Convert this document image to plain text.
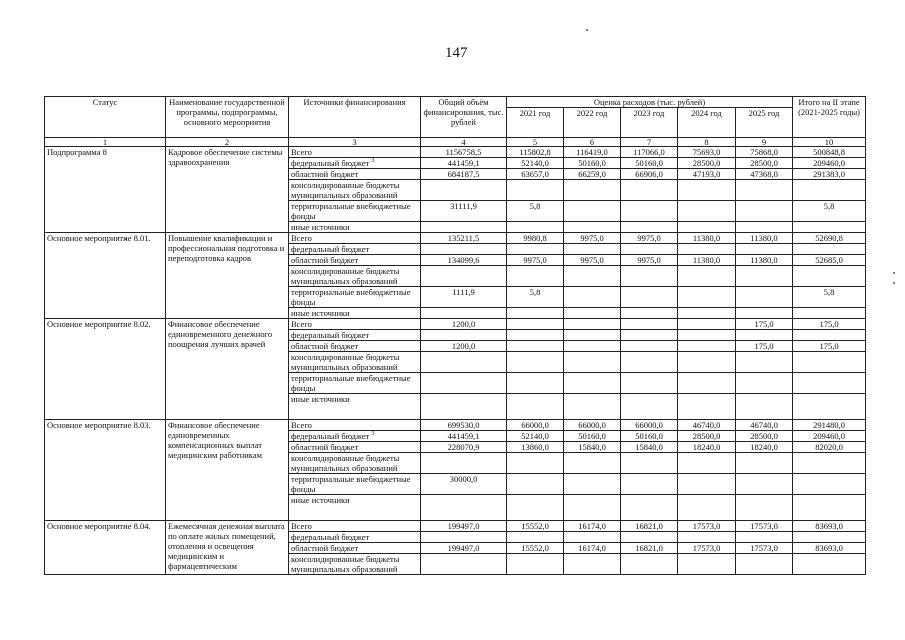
147
Статус	Наименование государственной программы, подпрограммы, основного мероприятия	Источники финансирования	Общий объём финансирования, тыс. рублей	Оценка расходов (тыс. рублей)					Итого на II этапе (2021-2025 годы)
				2021 год	2022 год	2023 год	2024 год	2025 год	
1	2	3	4	5	6	7	8	9	10
Подпрограмма 8	Кадровое обеспечение системы здравоохранения	Всего	1156758,5	115802,8	116419,0	117066,0	75693,0	75868,0	500848,8
		федеральный бюджет $^3$	441459,1	52140,0	50160,0	50160,0	28500,0	28500,0	209460,0
		областной бюджет	684187,5	63657,0	66259,0	66906,0	47193,0	47368,0	291383,0
		консолидированные бюджеты муниципальных образований							
		территориальные внебюджетные фонды	31111,9	5,8					5,8
		иные источники							
Основное мероприятие 8.01.	Повышение квалификации и профессиональная подготовка и переподготовка кадров	Всего	135211,5	9980,8	9975,0	9975,0	11380,0	11380,0	52690,8
		федеральный бюджет							
		областной бюджет	134099,6	9975,0	9975,0	9975,0	11380,0	11380,0	52685,0
		консолидированные бюджеты муниципальных образований							
		территориальные внебюджетные фонды	1111,9	5,8					5,8
		иные источники							
Основное мероприятие 8.02.	Финансовое обеспечение единовременного денежного поощрения лучших врачей	Всего	1200,0					175,0	175,0
		федеральный бюджет							
		областной бюджет	1200,0					175,0	175,0
		консолидированные бюджеты муниципальных образований							
		территориальные внебюджетные фонды							
		иные источники							
Основное мероприятие 8.03.	Финансовое обеспечение единовременных компенсационных выплат медицинским работникам	Всего	699530,0	66000,0	66000,0	66000,0	46740,0	46740,0	291480,0
		федеральный бюджет $^3$	441459,1	52140,0	50160,0	50160,0	28500,0	28500,0	209460,0
		областной бюджет	228070,9	13860,0	15840,0	15840,0	18240,0	18240,0	82020,0
		консолидированные бюджеты муниципальных образований							
		территориальные внебюджетные фонды	30000,0						
		иные источники							
Основное мероприятие 8.04.	Ежемесячная денежная выплата по оплате жилых помещений, отопления и освещения медицинским и фармацевтическим	Всего	199497,0	15552,0	16174,0	16821,0	17573,0	17573,0	83693,0
		федеральный бюджет							
		областной бюджет	199497,0	15552,0	16174,0	16821,0	17573,0	17573,0	83693,0
		консолидированные бюджеты муниципальных образований							
